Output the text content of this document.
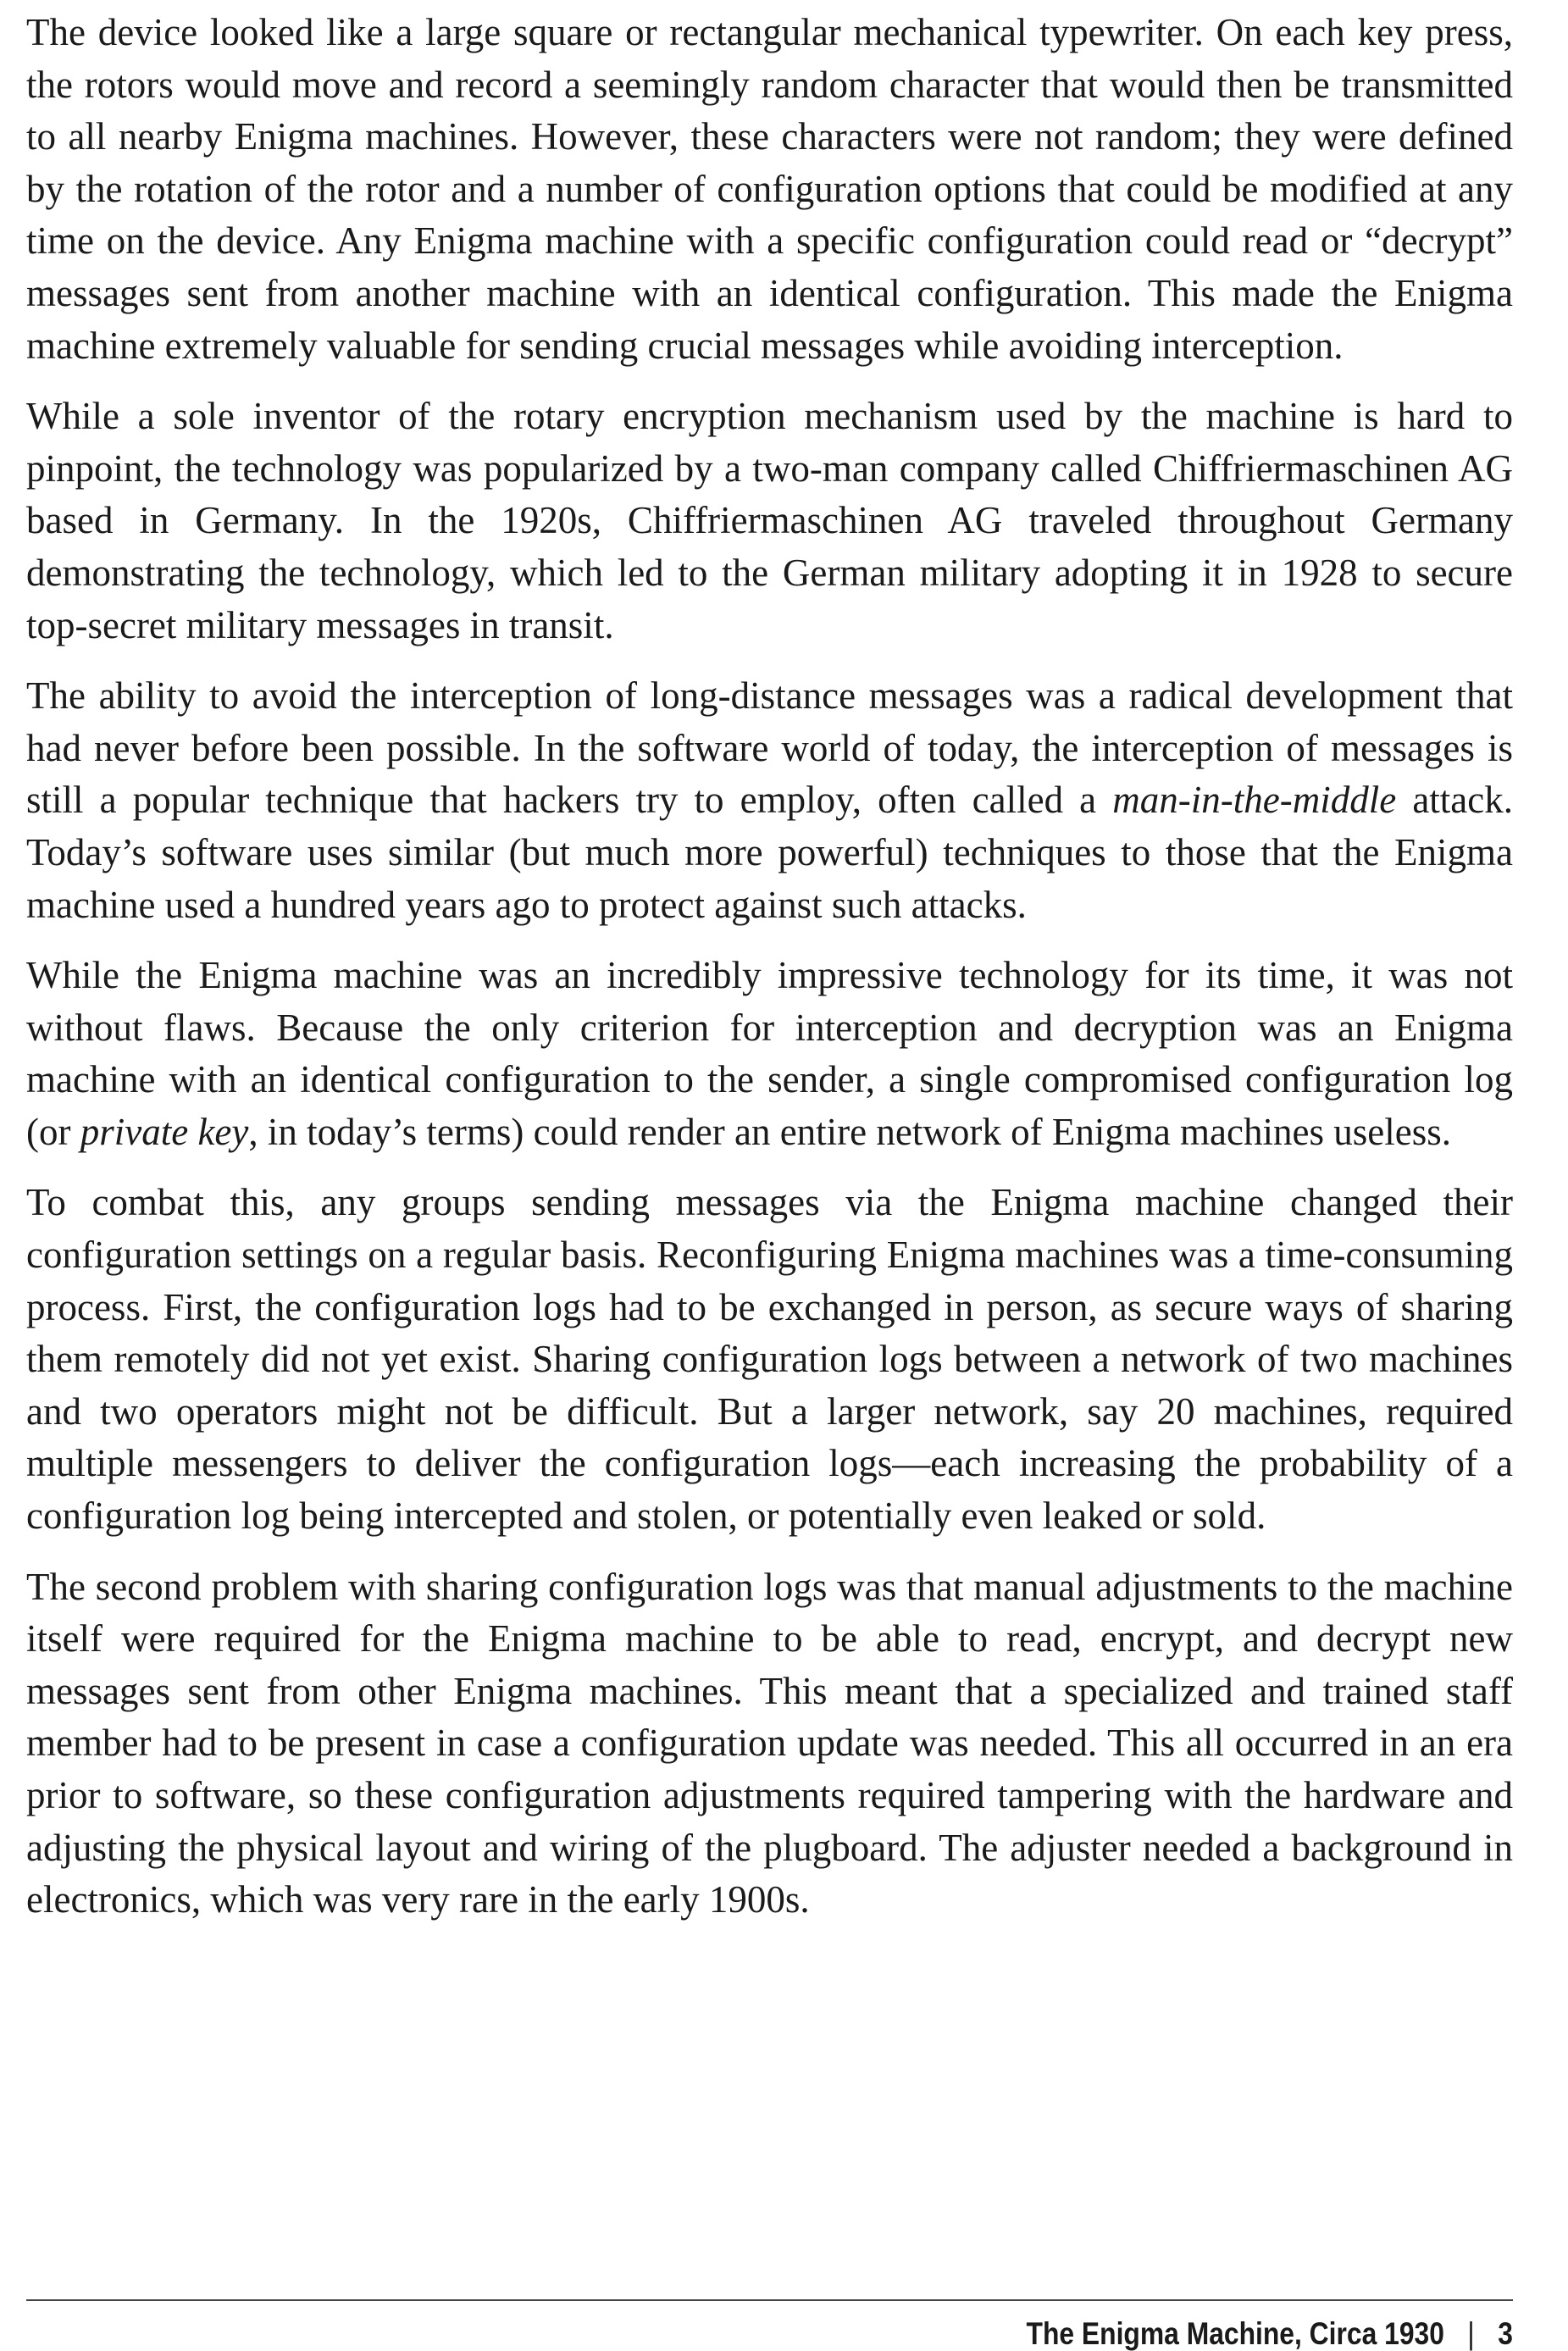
The device looked like a large square or rectangular mechanical typewriter. On each key press, the rotors would move and record a seemingly random character that would then be transmitted to all nearby Enigma machines. However, these characters were not random; they were defined by the rotation of the rotor and a number of configuration options that could be modified at any time on the device. Any Enigma machine with a specific configuration could read or “decrypt” messages sent from another machine with an identical configuration. This made the Enigma machine extremely valuable for sending crucial messages while avoiding interception.

While a sole inventor of the rotary encryption mechanism used by the machine is hard to pinpoint, the technology was popularized by a two-man company called Chiffriermaschinen AG based in Germany. In the 1920s, Chiffriermaschinen AG traveled throughout Germany demonstrating the technology, which led to the German military adopting it in 1928 to secure top-secret military messages in transit.

The ability to avoid the interception of long-distance messages was a radical development that had never before been possible. In the software world of today, the interception of messages is still a popular technique that hackers try to employ, often called a man-in-the-middle attack. Today’s software uses similar (but much more powerful) techniques to those that the Enigma machine used a hundred years ago to protect against such attacks.

While the Enigma machine was an incredibly impressive technology for its time, it was not without flaws. Because the only criterion for interception and decryption was an Enigma machine with an identical configuration to the sender, a single compromised configuration log (or private key, in today’s terms) could render an entire network of Enigma machines useless.

To combat this, any groups sending messages via the Enigma machine changed their configuration settings on a regular basis. Reconfiguring Enigma machines was a time-consuming process. First, the configuration logs had to be exchanged in person, as secure ways of sharing them remotely did not yet exist. Sharing configuration logs between a network of two machines and two operators might not be difficult. But a larger network, say 20 machines, required multiple messengers to deliver the configuration logs—each increasing the probability of a configuration log being intercepted and stolen, or potentially even leaked or sold.

The second problem with sharing configuration logs was that manual adjustments to the machine itself were required for the Enigma machine to be able to read, encrypt, and decrypt new messages sent from other Enigma machines. This meant that a specialized and trained staff member had to be present in case a configuration update was needed. This all occurred in an era prior to software, so these configuration adjustments required tampering with the hardware and adjusting the physical layout and wiring of the plugboard. The adjuster needed a background in electronics, which was very rare in the early 1900s.

The Enigma Machine, Circa 1930 | 3
